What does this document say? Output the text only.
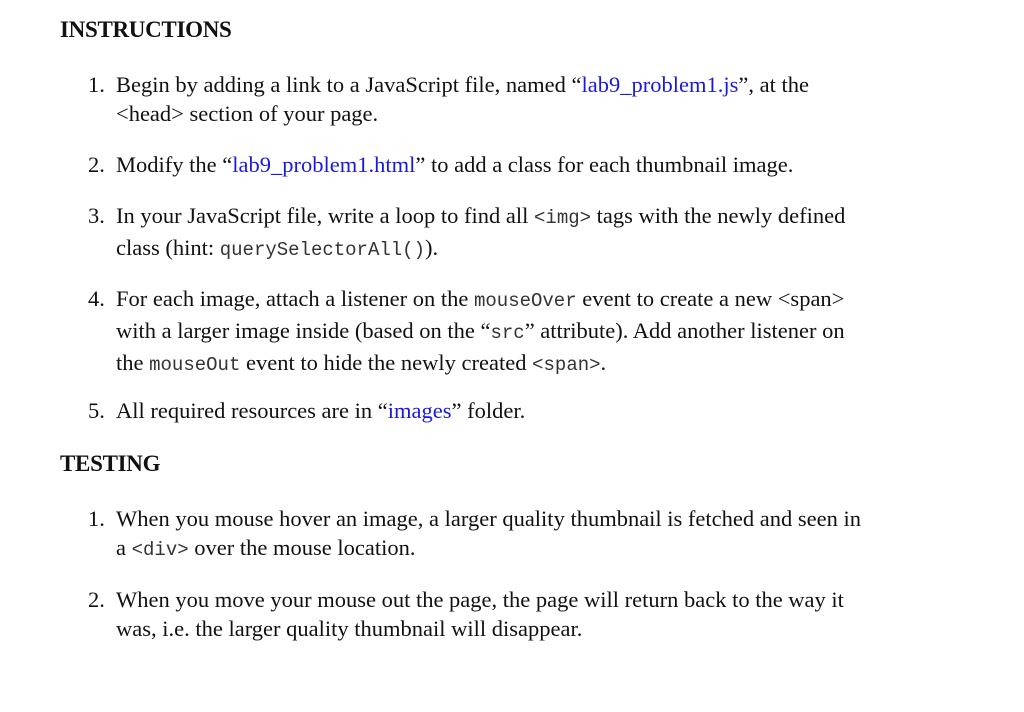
INSTRUCTIONS
1. Begin by adding a link to a JavaScript file, named “lab9_problem1.js”, at the
<head> section of your page.
2. Modify the “lab9_problem1.html” to add a class for each thumbnail image.
3. In your JavaScript file, write a loop to find all <img> tags with the newly defined
class (hint: querySelectorAll()).
4. For each image, attach a listener on the mouseOver event to create a new <span>
with a larger image inside (based on the “src” attribute). Add another listener on
the mouseOut event to hide the newly created <span>.
5. All required resources are in “images” folder.
TESTING
1. When you mouse hover an image, a larger quality thumbnail is fetched and seen in
a <div> over the mouse location.
2. When you move your mouse out the page, the page will return back to the way it
was, i.e. the larger quality thumbnail will disappear.
